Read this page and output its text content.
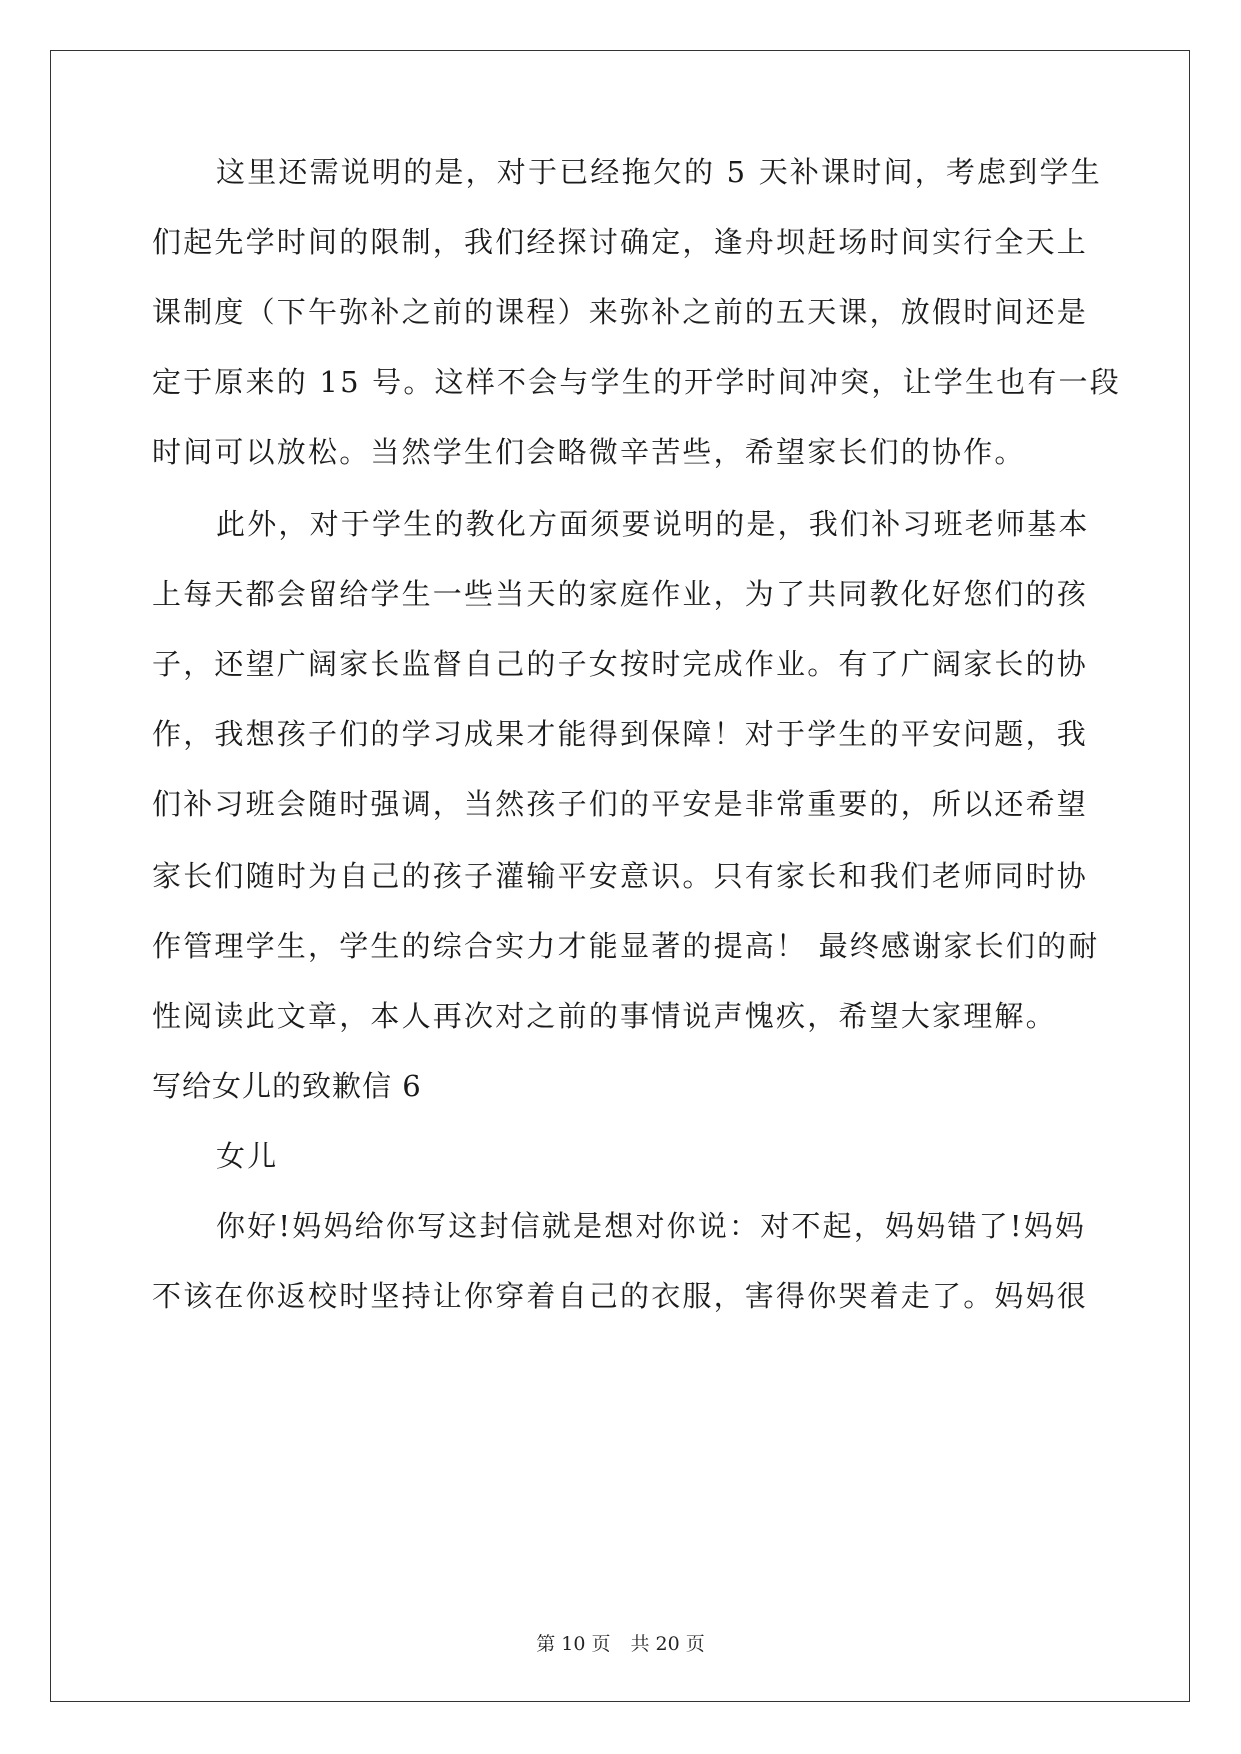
这里还需说明的是，对于已经拖欠的 5 天补课时间，考虑到学生
们起先学时间的限制，我们经探讨确定，逢舟坝赶场时间实行全天上
课制度（下午弥补之前的课程）来弥补之前的五天课，放假时间还是
定于原来的 15 号。这样不会与学生的开学时间冲突，让学生也有一段
时间可以放松。当然学生们会略微辛苦些，希望家长们的协作。
此外，对于学生的教化方面须要说明的是，我们补习班老师基本
上每天都会留给学生一些当天的家庭作业，为了共同教化好您们的孩
子，还望广阔家长监督自己的子女按时完成作业。有了广阔家长的协
作，我想孩子们的学习成果才能得到保障！对于学生的平安问题，我
们补习班会随时强调，当然孩子们的平安是非常重要的，所以还希望
家长们随时为自己的孩子灌输平安意识。只有家长和我们老师同时协
作管理学生，学生的综合实力才能显著的提高！ 最终感谢家长们的耐
性阅读此文章，本人再次对之前的事情说声愧疚，希望大家理解。
写给女儿的致歉信 6
女儿
你好!妈妈给你写这封信就是想对你说：对不起，妈妈错了!妈妈
不该在你返校时坚持让你穿着自己的衣服，害得你哭着走了。妈妈很
第 10 页 共 20 页
